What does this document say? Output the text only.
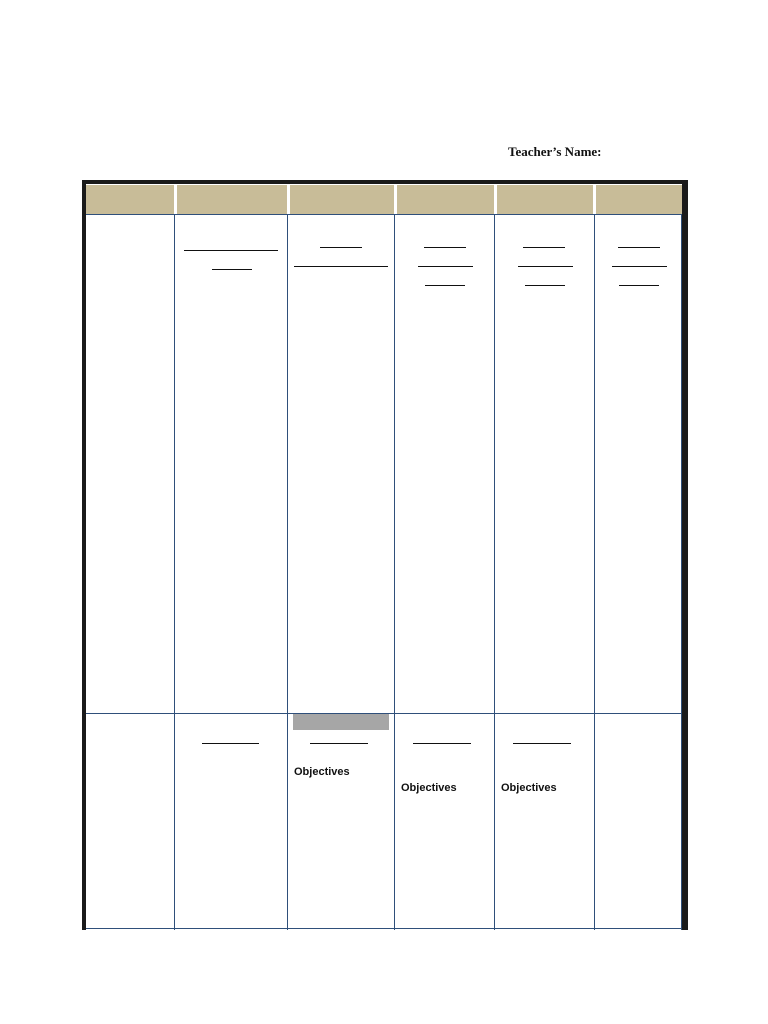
Teacher’s Name:
Objectives
Objectives	Objectives
